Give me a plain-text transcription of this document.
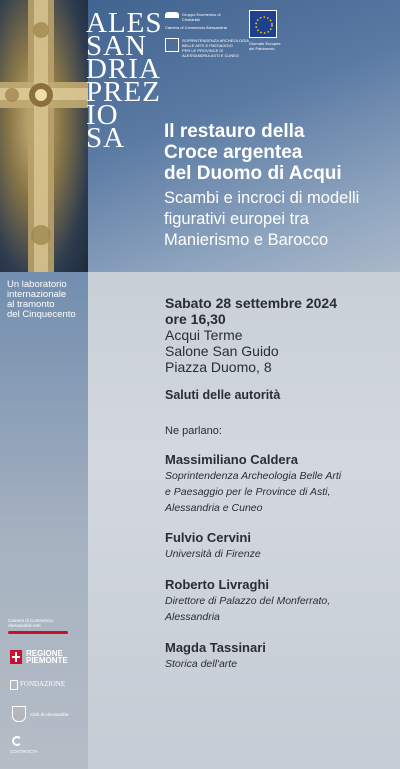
ALES
SAN
DRIA
PREZ
IO
SA
Gruppo Ecumenico di
Cristianità
Camera di Commercio Alessandria
SOPRINTENDENZA ARCHEOLOGIA
BELLE ARTI E PAESAGGIO
PER LE PROVINCE DI
ALESSANDRIA ASTI E CUNEO
Giornate Europee
del Patrimonio
Il restauro della
Croce argentea
del Duomo di Acqui
Scambi e incroci di modelli
figurativi europei tra
Manierismo e Barocco
Un laboratorio
internazionale
al tramonto
del Cinquecento
Sabato 28 settembre 2024
ore 16,30
Acqui Terme
Salone San Guido
Piazza Duomo, 8
Saluti delle autorità
Ne parlano:
Massimiliano Caldera
Soprintendenza Archeologia Belle Arti
e Paesaggio per le Province di Asti,
Alessandria e Cuneo
Fulvio Cervini
Università di Firenze
Roberto Livraghi
Direttore di Palazzo del Monferrato,
Alessandria
Magda Tassinari
Storica dell'arte
Camera di Commercio Alessandria-Asti
REGIONE
PIEMONTE
FONDAZIONE
Città di Alessandria
COSTRUCTA
